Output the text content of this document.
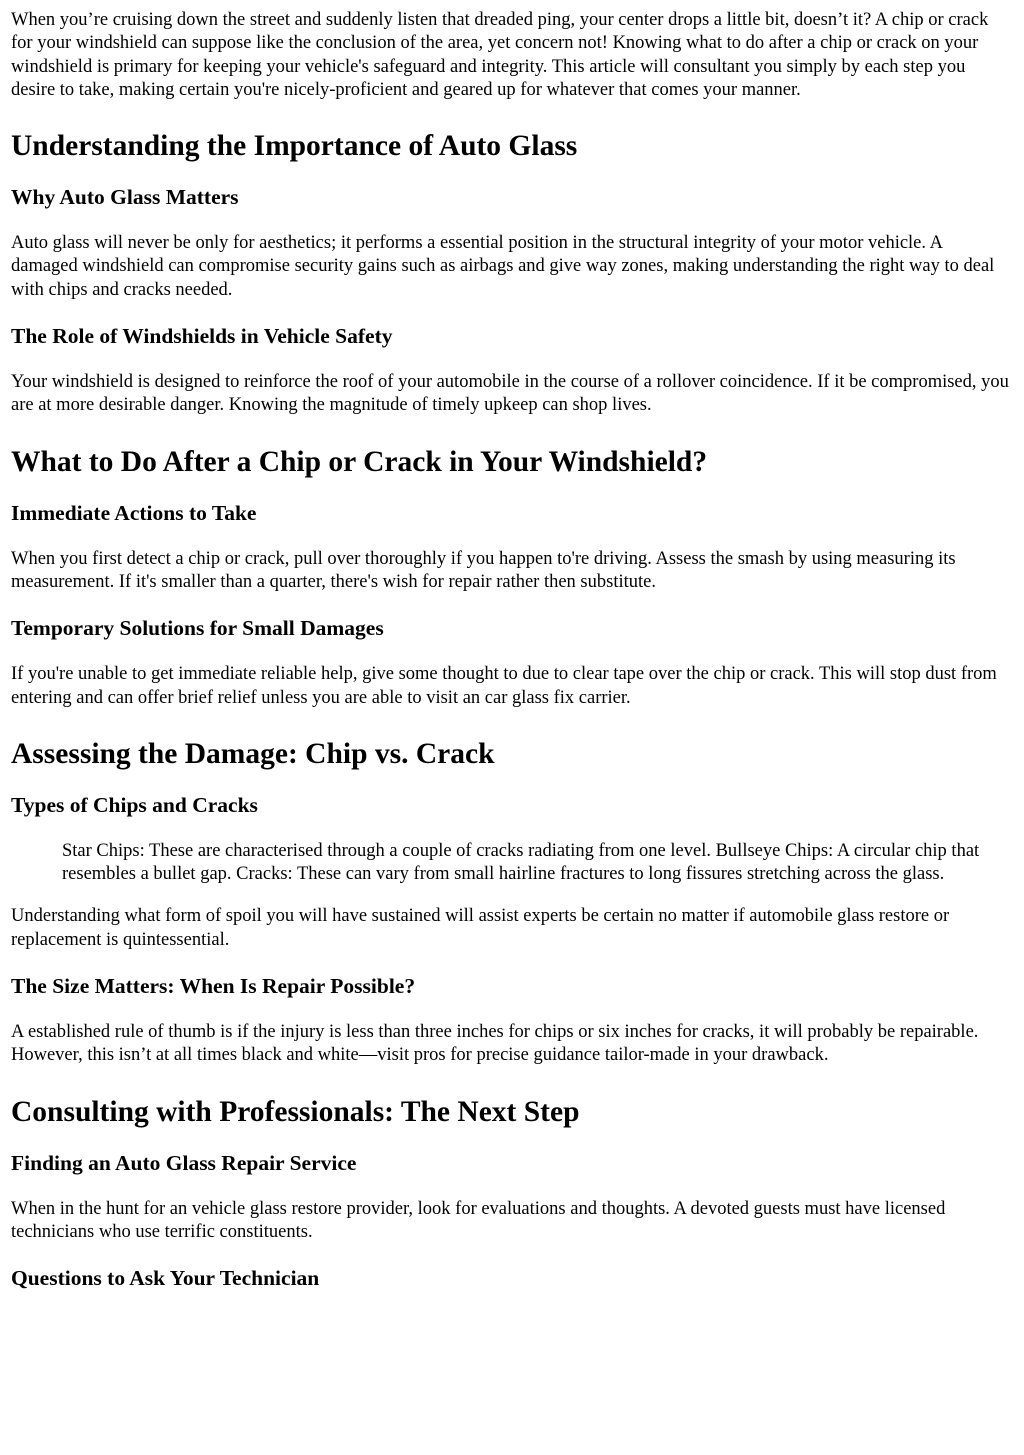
When you’re cruising down the street and suddenly listen that dreaded ping, your center drops a little bit, doesn’t it? A chip or crack for your windshield can suppose like the conclusion of the area, yet concern not! Knowing what to do after a chip or crack on your windshield is primary for keeping your vehicle's safeguard and integrity. This article will consultant you simply by each step you desire to take, making certain you're nicely-proficient and geared up for whatever that comes your manner.

Understanding the Importance of Auto Glass
Why Auto Glass Matters

Auto glass will never be only for aesthetics; it performs a essential position in the structural integrity of your motor vehicle. A damaged windshield can compromise security gains such as airbags and give way zones, making understanding the right way to deal with chips and cracks needed.

The Role of Windshields in Vehicle Safety

Your windshield is designed to reinforce the roof of your automobile in the course of a rollover coincidence. If it be compromised, you are at more desirable danger. Knowing the magnitude of timely upkeep can shop lives.

What to Do After a Chip or Crack in Your Windshield?
Immediate Actions to Take

When you first detect a chip or crack, pull over thoroughly if you happen to're driving. Assess the smash by using measuring its measurement. If it's smaller than a quarter, there's wish for repair rather then substitute.

Temporary Solutions for Small Damages

If you're unable to get immediate reliable help, give some thought to due to clear tape over the chip or crack. This will stop dust from entering and can offer brief relief unless you are able to visit an car glass fix carrier.

Assessing the Damage: Chip vs. Crack
Types of Chips and Cracks
Star Chips: These are characterised through a couple of cracks radiating from one level. Bullseye Chips: A circular chip that resembles a bullet gap. Cracks: These can vary from small hairline fractures to long fissures stretching across the glass.

Understanding what form of spoil you will have sustained will assist experts be certain no matter if automobile glass restore or replacement is quintessential.

The Size Matters: When Is Repair Possible?

A established rule of thumb is if the injury is less than three inches for chips or six inches for cracks, it will probably be repairable. However, this isn’t at all times black and white—visit pros for precise guidance tailor-made in your drawback.

Consulting with Professionals: The Next Step
Finding an Auto Glass Repair Service

When in the hunt for an vehicle glass restore provider, look for evaluations and thoughts. A devoted guests must have licensed technicians who use terrific constituents.

Questions to Ask Your Technician
